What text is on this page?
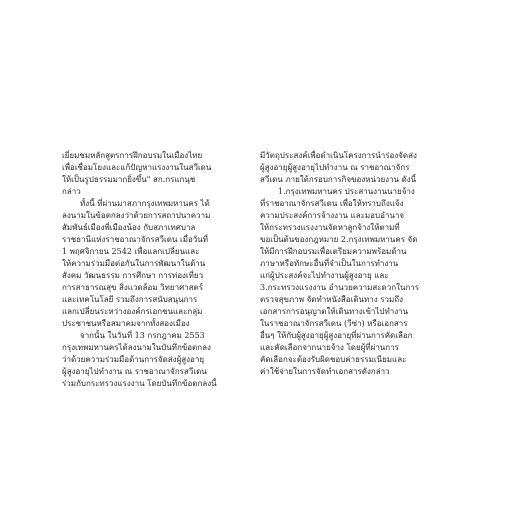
เยี่ยมชมหลักสูตรการฝึกอบรมในเมืองไทย
เพื่อเชื่อมโยงและแก้ปัญหาแรงงานในสวีเดน
ให้เป็นรูปธรรมมากยิ่งขึ้น" สก.กรแกนุช
กล่าว
ทั้งนี้ ที่ผ่านมาสภากรุงเทพมหานคร ได้
ลงนามในข้อตกลงว่าด้วยการสถาปนาความ
สัมพันธ์เมืองพี่เมืองน้อง กับสภาเทศบาล
ราชธานีแห่งราชอาณาจักรสวีเดน เมื่อวันที่
1 พฤศจิกายน 2542 เพื่อแลกเปลี่ยนและ
ให้ความร่วมมือต่อกันในการพัฒนาในด้าน
สังคม วัฒนธรรม การศึกษา การท่องเที่ยว
การสาธารณสุข สิ่งแวดล้อม วิทยาศาสตร์
และเทคโนโลยี รวมถึงการสนับสนุนการ
แลกเปลี่ยนระหว่างองค์กรเอกชนและกลุ่ม
ประชาชนหรือสมาคมจากทั้งสองเมือง
จากนั้น ในวันที่ 13 กรกฎาคม 2553
กรุงเทพมหานครได้ลงนามในบันทึกข้อตกลง
ว่าด้วยความร่วมมือด้านการจัดส่งผู้สูงอายุ
ผู้สูงอายุไปทำงาน ณ ราชอาณาจักรสวีเดน
ร่วมกับกระทรวงแรงงาน โดยบันทึกข้อตกลงนี้
มีวัตถุประสงค์เพื่อดำเนินโครงการนำร่องจัดส่ง
ผู้สูงอายุผู้สูงอายุไปทำงาน ณ ราชอาณาจักร
สวีเดน ภายใต้กรอบการกิจของหน่วยงาน ดังนี้
1.กรุงเทพมหานคร ประสานงานนายจ้าง
ที่ราชอาณาจักรสวีเดน เพื่อให้ทราบถึงแจ้ง
ความประสงค์การจ้างงาน และมอบอำนาจ
ให้กระทรวงแรงงานจัดหาลูกจ้างให้ตามที่
ขอเป็นต้นของกฎหมาย 2.กรุงเทพมหานคร จัด
ให้มีการฝึกอบรมเพื่อเตรียมความพร้อมด้าน
ภาษาหรือทักษะอื่นที่จำเป็นในการทำงาน
แก่ผู้ประสงค์จะไปทำงานผู้สูงอายุ และ
3.กระทรวงแรงงาน อำนวยความสะดวกในการ
ตรวจสุขภาพ จัดทำหนังสือเดินทาง รวมถึง
เอกสารการอนุญาตให้เดินทางเข้าไปทำงาน
ในราชอาณาจักรสวีเดน (วีซ่า) หรือเอกสาร
อื่นๆ ให้กับผู้สูงอายุผู้สูงอายุที่ผ่านการคัดเลือก
และคัดเลือกจากนายจ้าง โดยผู้ที่ผ่านการ
คัดเลือกจะต้องรับผิดชอบค่าธรรมเนียมและ
ค่าใช้จ่ายในการจัดทำเอกสารดังกล่าว
